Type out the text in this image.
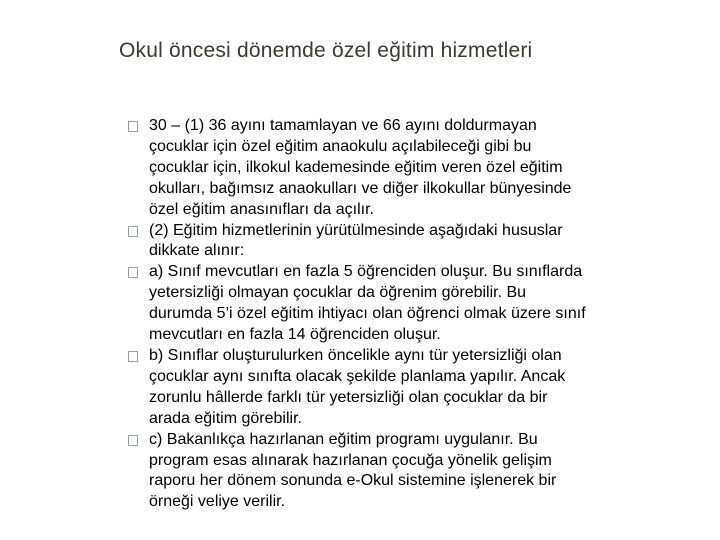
Okul öncesi dönemde özel eğitim hizmetleri
30 – (1) 36 ayını tamamlayan ve 66 ayını doldurmayan
çocuklar için özel eğitim anaokulu açılabileceği gibi bu
çocuklar için, ilkokul kademesinde eğitim veren özel eğitim
okulları, bağımsız anaokulları ve diğer ilkokullar bünyesinde
özel eğitim anasınıfları da açılır.
(2) Eğitim hizmetlerinin yürütülmesinde aşağıdaki hususlar
dikkate alınır:
a) Sınıf mevcutları en fazla 5 öğrenciden oluşur. Bu sınıflarda
yetersizliği olmayan çocuklar da öğrenim görebilir. Bu
durumda 5’i özel eğitim ihtiyacı olan öğrenci olmak üzere sınıf
mevcutları en fazla 14 öğrenciden oluşur.
b) Sınıflar oluşturulurken öncelikle aynı tür yetersizliği olan
çocuklar aynı sınıfta olacak şekilde planlama yapılır. Ancak
zorunlu hâllerde farklı tür yetersizliği olan çocuklar da bir
arada eğitim görebilir.
c) Bakanlıkça hazırlanan eğitim programı uygulanır. Bu
program esas alınarak hazırlanan çocuğa yönelik gelişim
raporu her dönem sonunda e-Okul sistemine işlenerek bir
örneği veliye verilir.
